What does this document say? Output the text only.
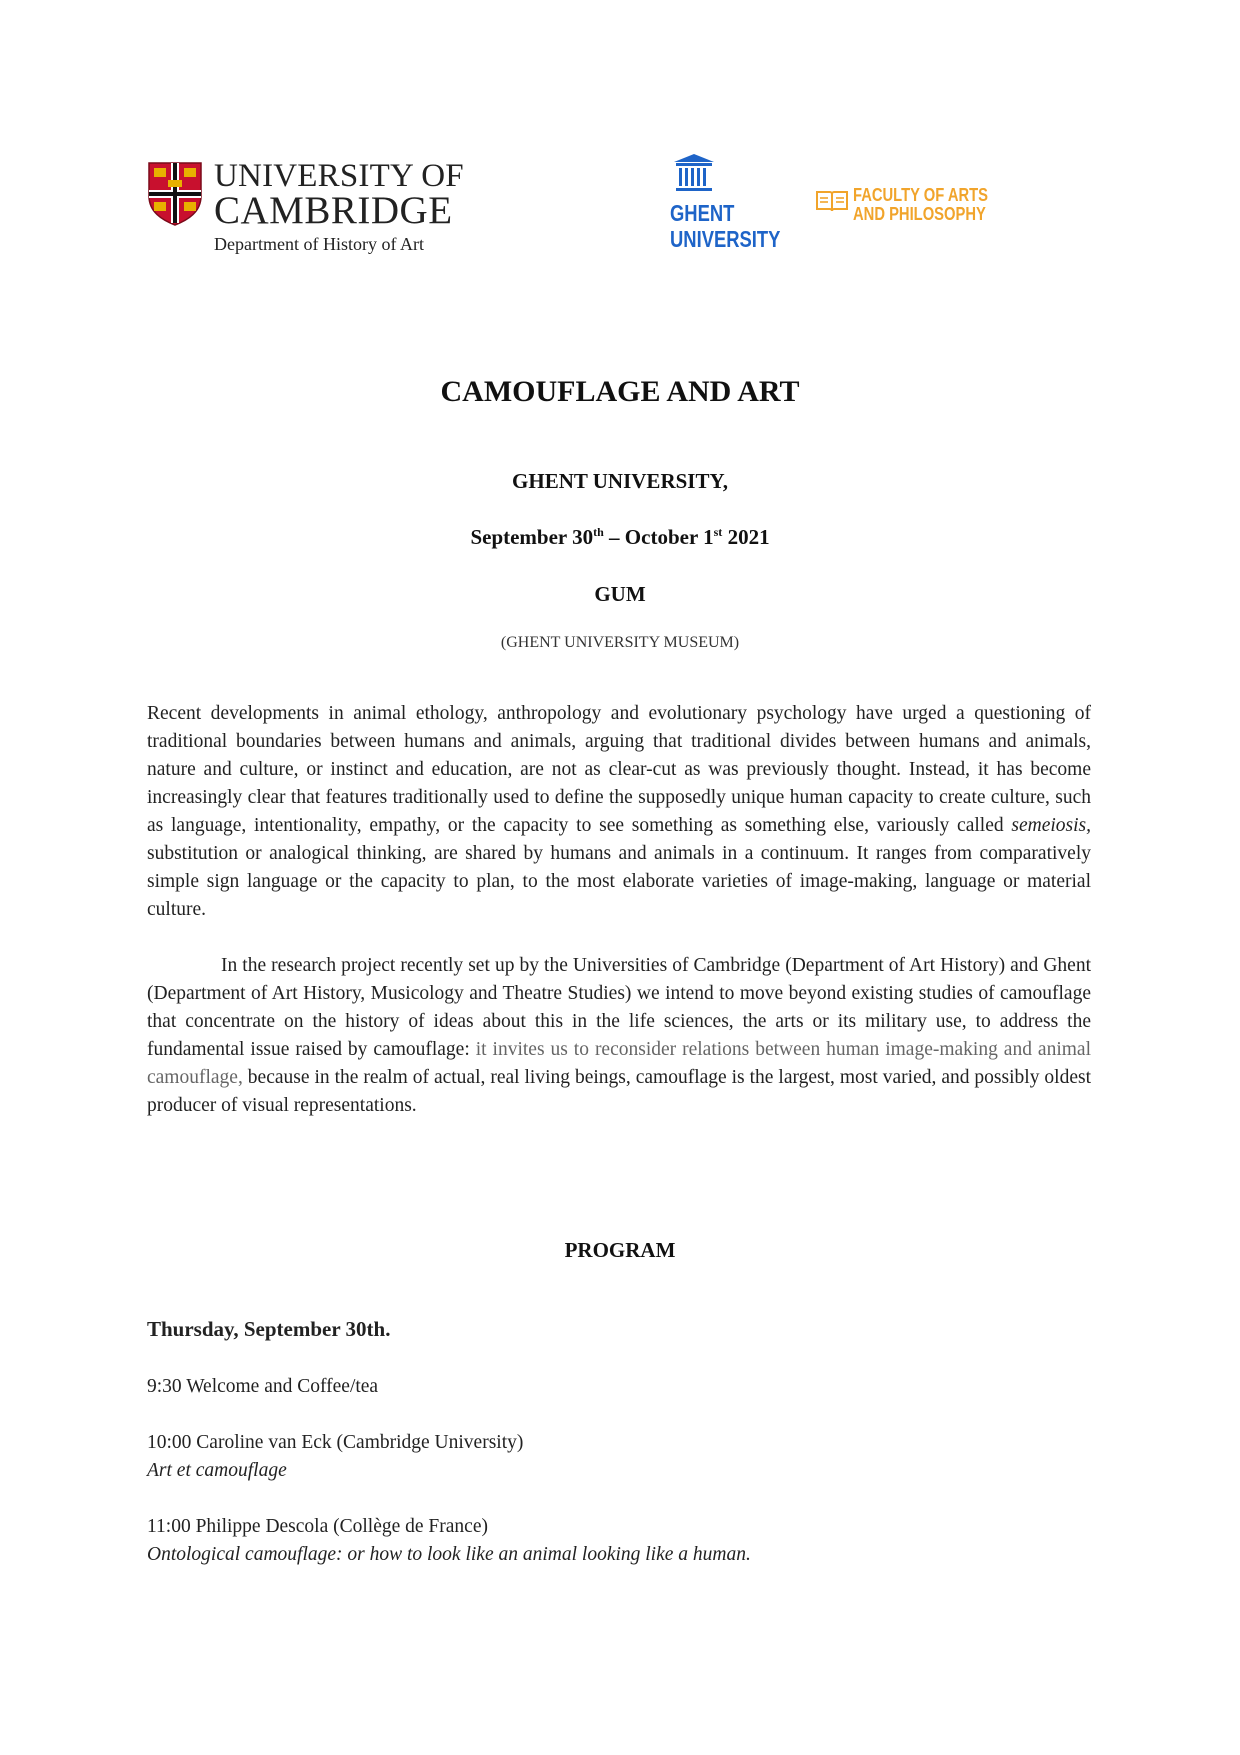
UNIVERSITY OF
CAMBRIDGE
Department of History of Art
GHENT
UNIVERSITY
FACULTY OF ARTS
AND PHILOSOPHY
CAMOUFLAGE AND ART
GHENT UNIVERSITY,
September 30th – October 1st 2021
GUM
(GHENT UNIVERSITY MUSEUM)
Recent developments in animal ethology, anthropology and evolutionary psychology have urged a questioning of traditional boundaries between humans and animals, arguing that traditional divides between humans and animals, nature and culture, or instinct and education, are not as clear-cut as was previously thought. Instead, it has become increasingly clear that features traditionally used to define the supposedly unique human capacity to create culture, such as language, intentionality, empathy, or the capacity to see something as something else, variously called semeiosis, substitution or analogical thinking, are shared by humans and animals in a continuum. It ranges from comparatively simple sign language or the capacity to plan, to the most elaborate varieties of image-making, language or material culture.
In the research project recently set up by the Universities of Cambridge (Department of Art History) and Ghent (Department of Art History, Musicology and Theatre Studies) we intend to move beyond existing studies of camouflage that concentrate on the history of ideas about this in the life sciences, the arts or its military use, to address the fundamental issue raised by camouflage: it invites us to reconsider relations between human image-making and animal camouflage, because in the realm of actual, real living beings, camouflage is the largest, most varied, and possibly oldest producer of visual representations.
PROGRAM
Thursday, September 30th.
9:30 Welcome and Coffee/tea
10:00 Caroline van Eck (Cambridge University)
Art et camouflage
11:00 Philippe Descola (Collège de France)
Ontological camouflage: or how to look like an animal looking like a human.
